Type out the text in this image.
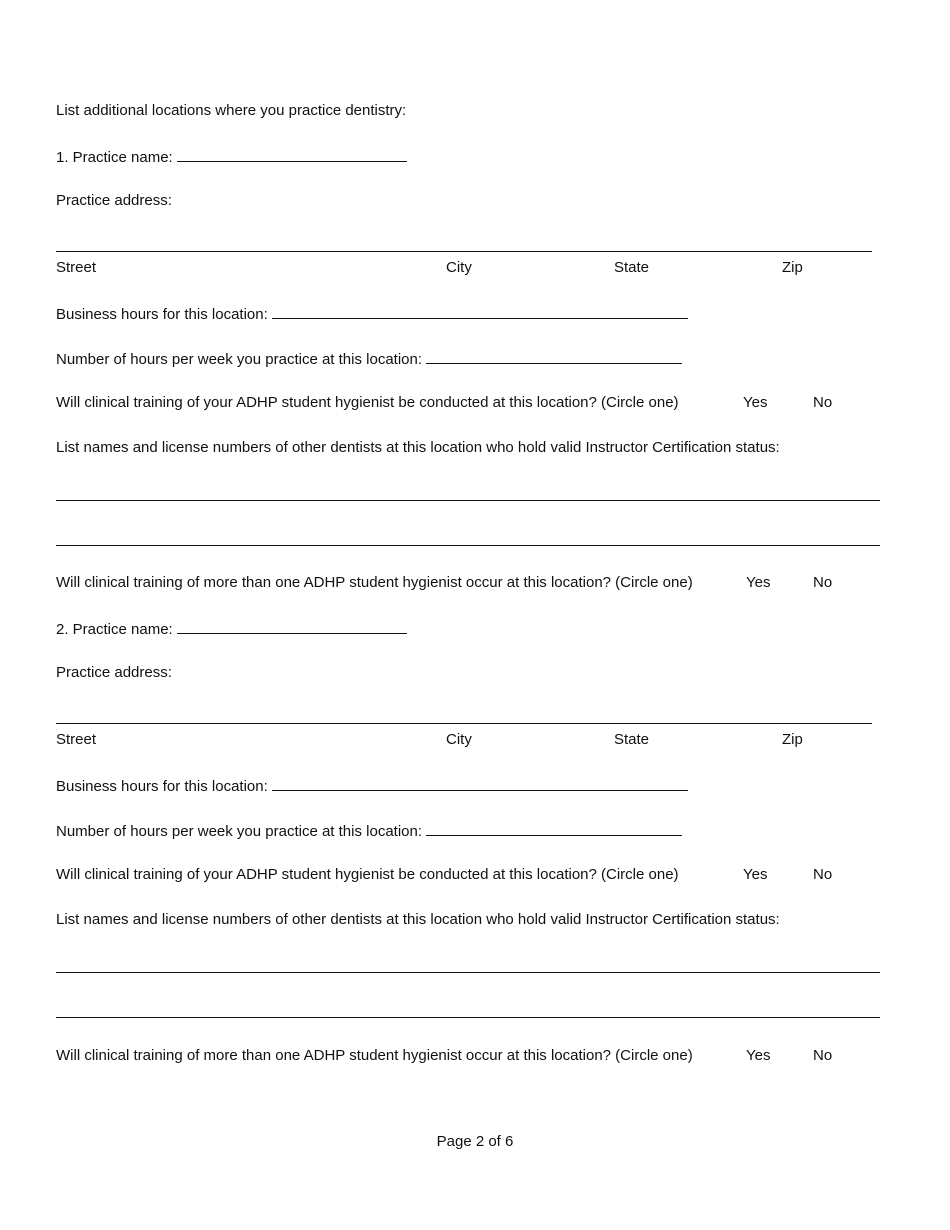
List additional locations where you practice dentistry:
1. Practice name:
Practice address:
Street	City	State	Zip
Business hours for this location:
Number of hours per week you practice at this location:
Will clinical training of your ADHP student hygienist be conducted at this location? (Circle one)	Yes	No
List names and license numbers of other dentists at this location who hold valid Instructor Certification status:
Will clinical training of more than one ADHP student hygienist occur at this location? (Circle one)	Yes	No
2. Practice name:
Practice address:
Street	City	State	Zip
Business hours for this location:
Number of hours per week you practice at this location:
Will clinical training of your ADHP student hygienist be conducted at this location? (Circle one)	Yes	No
List names and license numbers of other dentists at this location who hold valid Instructor Certification status:
Will clinical training of more than one ADHP student hygienist occur at this location? (Circle one)	Yes	No
Page 2 of 6
